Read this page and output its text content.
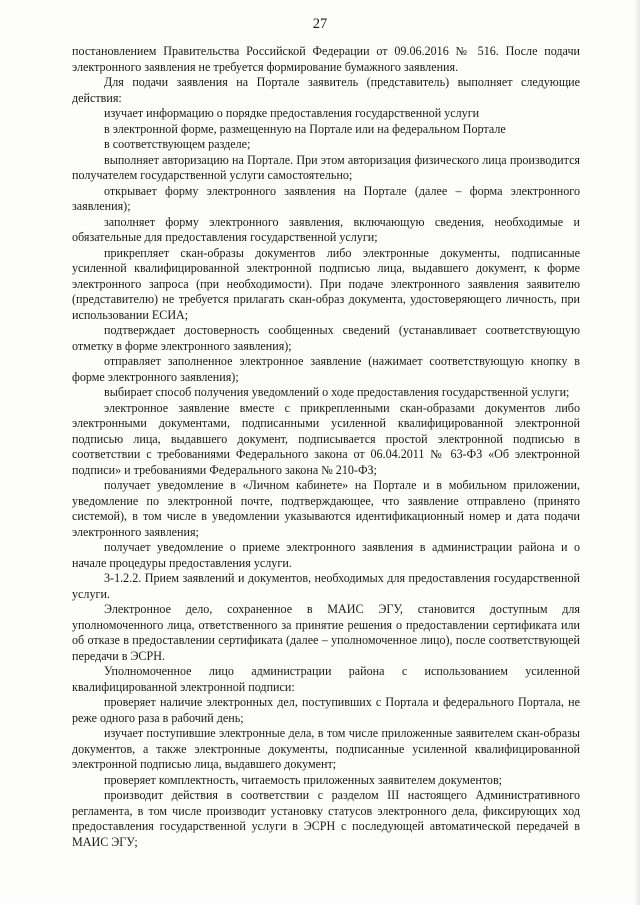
27

постановлением Правительства Российской Федерации от 09.06.2016 № 516. После подачи электронного заявления не требуется формирование бумажного заявления.

Для подачи заявления на Портале заявитель (представитель) выполняет следующие действия:

изучает информацию о порядке предоставления государственной услуги

в электронной форме, размещенную на Портале или на федеральном Портале

в соответствующем разделе;

выполняет авторизацию на Портале. При этом авторизация физического лица производится получателем государственной услуги самостоятельно;

открывает форму электронного заявления на Портале (далее – форма электронного заявления);

заполняет форму электронного заявления, включающую сведения, необходимые и обязательные для предоставления государственной услуги;

прикрепляет скан-образы документов либо электронные документы, подписанные усиленной квалифицированной электронной подписью лица, выдавшего документ, к форме электронного запроса (при необходимости). При подаче электронного заявления заявителю (представителю) не требуется прилагать скан-образ документа, удостоверяющего личность, при использовании ЕСИА;

подтверждает достоверность сообщенных сведений (устанавливает соответствующую отметку в форме электронного заявления);

отправляет заполненное электронное заявление (нажимает соответствующую кнопку в форме электронного заявления);

выбирает способ получения уведомлений о ходе предоставления государственной услуги;

электронное заявление вместе с прикрепленными скан-образами документов либо электронными документами, подписанными усиленной квалифицированной электронной подписью лица, выдавшего документ, подписывается простой электронной подписью в соответствии с требованиями Федерального закона от 06.04.2011 № 63-ФЗ «Об электронной подписи» и требованиями Федерального закона № 210-ФЗ;

получает уведомление в «Личном кабинете» на Портале и в мобильном приложении, уведомление по электронной почте, подтверждающее, что заявление отправлено (принято системой), в том числе в уведомлении указываются идентификационный номер и дата подачи электронного заявления;

получает уведомление о приеме электронного заявления в администрации района и о начале процедуры предоставления услуги.

3-1.2.2. Прием заявлений и документов, необходимых для предоставления государственной услуги.

Электронное дело, сохраненное в МАИС ЭГУ, становится доступным для уполномоченного лица, ответственного за принятие решения о предоставлении сертификата или об отказе в предоставлении сертификата (далее – уполномоченное лицо), после соответствующей передачи в ЭСРН.

Уполномоченное лицо администрации района с использованием усиленной квалифицированной электронной подписи:

проверяет наличие электронных дел, поступивших с Портала и федерального Портала, не реже одного раза в рабочий день;

изучает поступившие электронные дела, в том числе приложенные заявителем скан-образы документов, а также электронные документы, подписанные усиленной квалифицированной электронной подписью лица, выдавшего документ;

проверяет комплектность, читаемость приложенных заявителем документов;

производит действия в соответствии с разделом III настоящего Административного регламента, в том числе производит установку статусов электронного дела, фиксирующих ход предоставления государственной услуги в ЭСРН с последующей автоматической передачей в МАИС ЭГУ;
